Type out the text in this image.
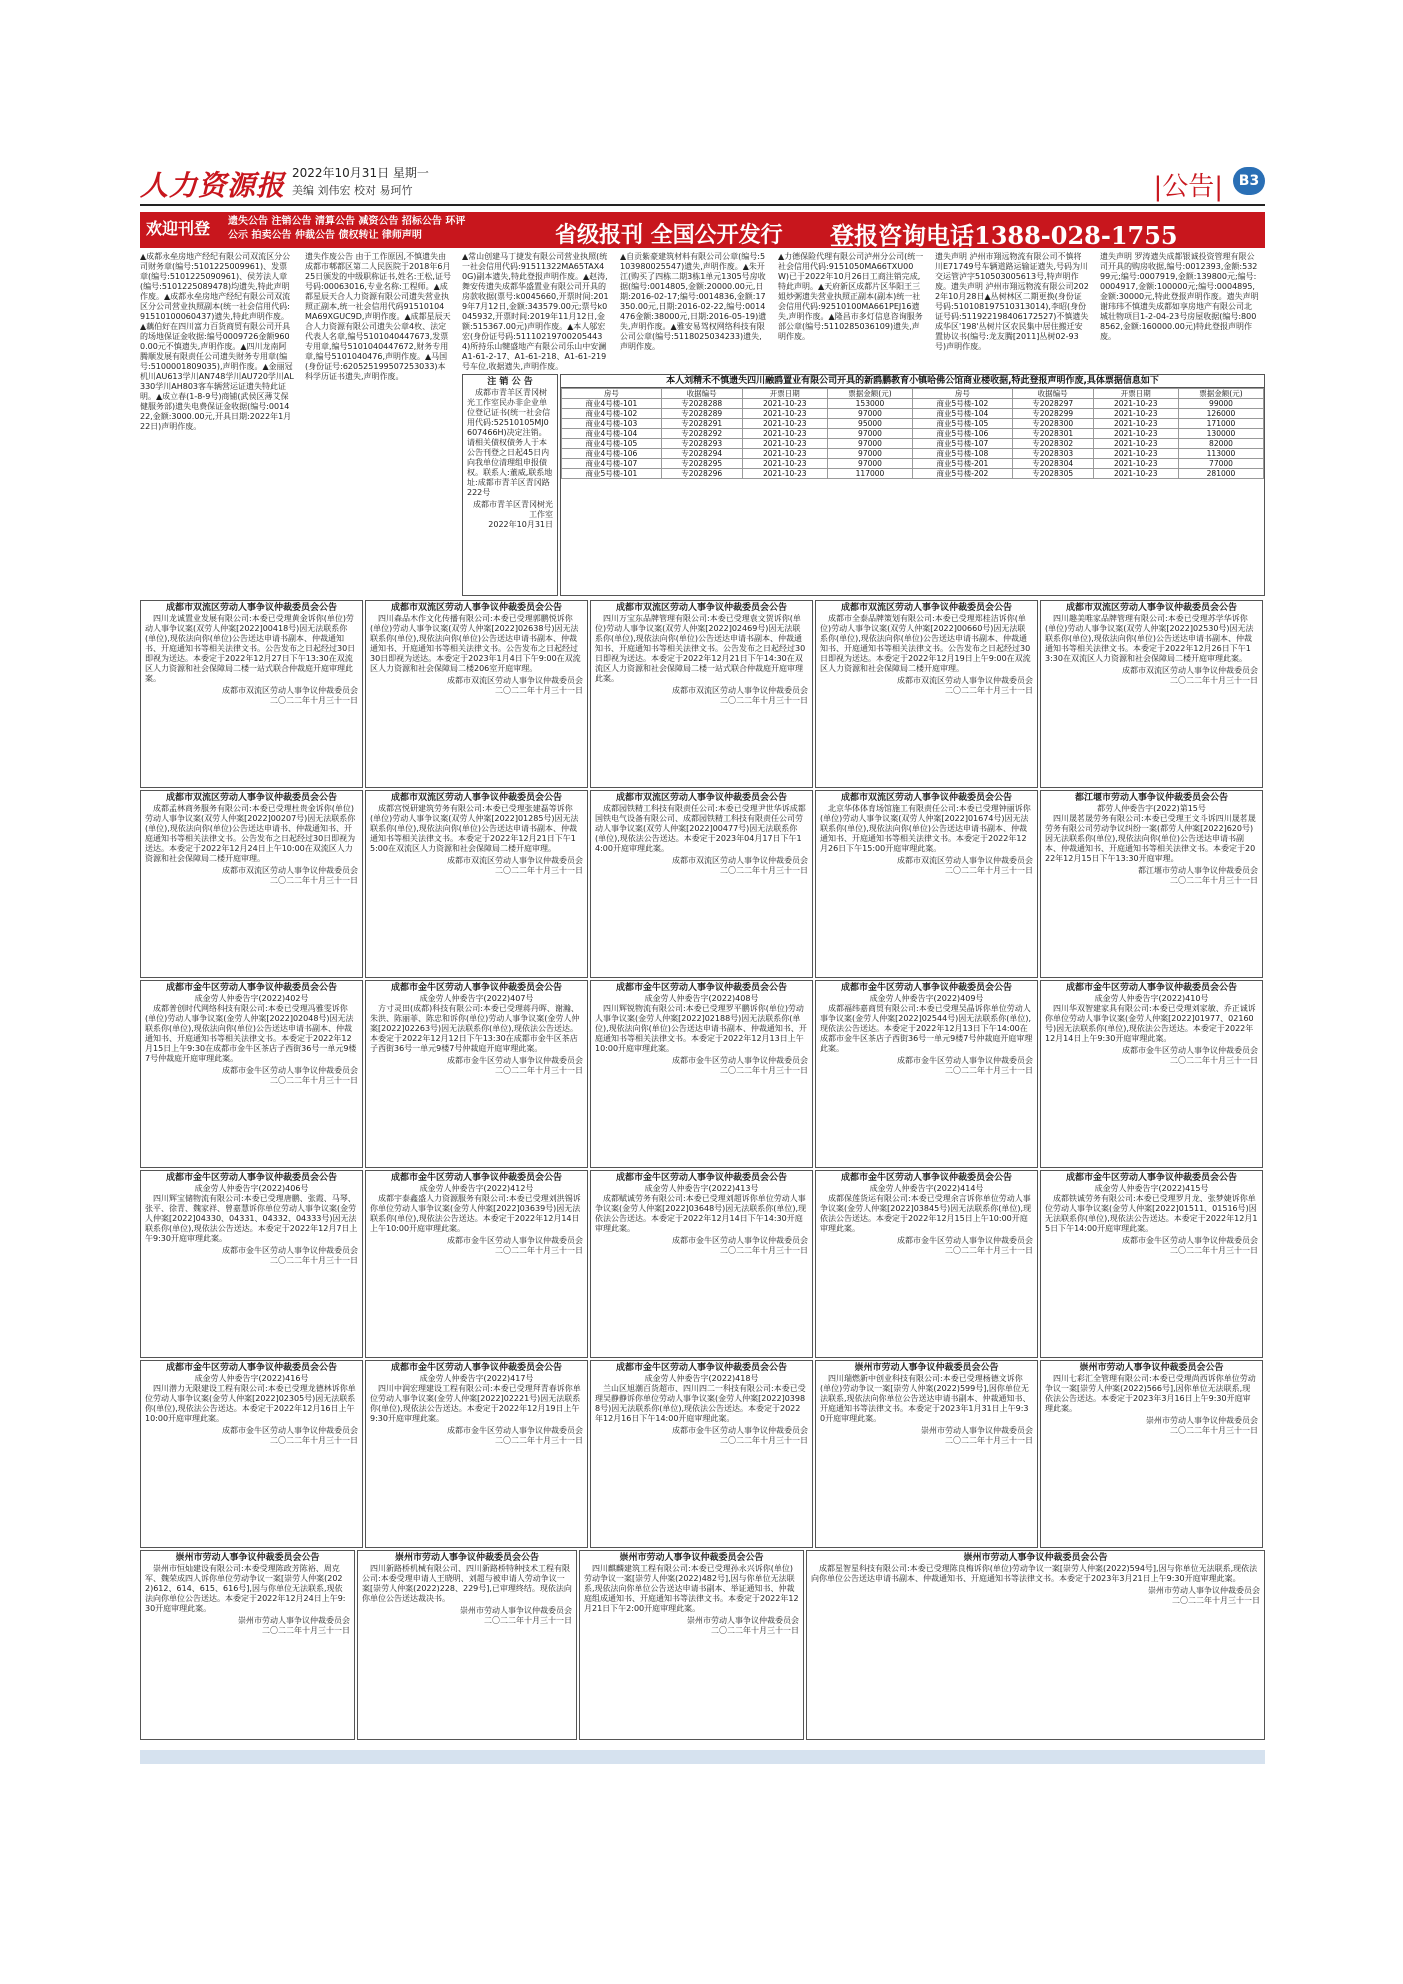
人力资源报 2022年10月31日 星期一
美编 刘伟宏 校对 易珂竹	|公告|	B3
欢迎刊登 遗失公告 注销公告 清算公告 减资公告 招标公告 环评公示 拍卖公告 仲裁公告 债权转让 律师声明	省级报刊 全国公开发行 登报咨询电话1388-028-1755
▲成都永垒房地产经纪有限公司双流区分公司财务章(编号:5101225009961)、发票章(编号:5101225090961)、侯芳法人章(编号:5101225089478)均遗失,特此声明作废。▲成都永垒房地产经纪有限公司双流区分公司营业执照副本(统一社会信用代码:91510100060437)遗失,特此声明作废。▲藕伯好在四川富力百货商贸有限公司开具的场地保证金收据:编号0009726金额9600.00元不慎遗失,声明作废。▲四川龙南阿腾顺发展有限责任公司遗失财务专用章(编号:5100001809035),声明作废。▲金丽冠机川AU613学川AN748学川AU720学川AL330学川AH803客车辆营运证遗失特此证明。▲成立春(1-8-9号)商铺(武侯区薄艾保健服务部)遗失电费保证金收据(编号:001422,金额:3000.00元,开具日期:2022年1月22日)声明作废。
遗失作废公告 由于工作原因,不慎遗失由成都市郫都区第二人民医院于2018年6月25日颁发的中级职称证书,姓名:王松,证号号码:00063016,专业名称:工程师。▲成都星辰天合人力资源有限公司遗失营业执照正副本,统一社会信用代码91510104MA69XGUC9D,声明作废。▲成都星辰天合人力资源有限公司遗失公章4枚、法定代表人名章,编号5101040447673,发票专用章,编号5101040447672,财务专用章,编号5101040476,声明作废。▲马国(身份证号:620525199507253033)本科学历证书遗失,声明作废。
▲常山创建马丁捷发有限公司营业执照(统一社会信用代码:91511322MA65TAX40G)副本遗失,特此登报声明作废。▲赵涛,舞安传遗失成都华盛置业有限公司开具的房款收据(票号:k0045660,开票时间:2019年7月12日,金额:343579.00元;票号k0045932,开票时间:2019年11月12日,金额:515367.00元)声明作废。▲本人邬宏宏(身份证号码:511102197002054434)所持乐山犍盛地产有限公司乐山中安澜A1-61-2-17、A1-61-218、A1-61-219号车位,收据遗失,声明作废。
▲自贡紫豪建筑材料有限公司公章(编号:5103980025547)遗失,声明作废。▲朱开江(购买了四栋二期3栋1单元1305号房收据(编号:0014805,金额:20000.00元,日期:2016-02-17;编号:0014836,金额:17350.00元,日期:2016-02-22,编号:0014476金额:38000元,日期:2016-05-19)遗失,声明作废。▲雅安易驾权网络科技有限公司公章(编号:5118025034233)遗失,声明作废。
▲力德保险代理有限公司泸州分公司(统一社会信用代码:9151050MA66TXU00W)已于2022年10月26日工商注销完成,特此声明。▲天府新区成都片区华阳王三姐炒粥遗失营业执照正副本(副本)统一社会信用代码:92510100MA661PEJ16遗失,声明作废。▲隆昌市多灯信息咨询服务部公章(编号:5110285036109)遗失,声明作废。
遗失声明 泸州市翔远物流有限公司不慎将川E71749号车辆道路运输证遗失,号码为川交运管泸字510503005613号,特声明作废。遗失声明 泸州市翔远物流有限公司2022年10月28日▲丛树林区二期更换(身份证号码:510108197510313014),李昭(身份证号码:511922198406172527)不慎遗失成华区'198'丛树片区农民集中居住搬迁安置协议书(编号:龙友腾[2011]丛树02-93号)声明作废。
遗失声明 罗涛遗失成都银诚投资管理有限公司开具的购房收据,编号:0012393,金额:53299元;编号:0007919,金额:139800元;编号:0004917,金额:100000元;编号:0004895,金额:30000元,特此登报声明作废。遗失声明 谢玮玮不慎遗失成都如享房地产有限公司北城壮物项目1-2-04-23号房屋收据(编号:8008562,金额:160000.00元)特此登报声明作废。
注 销 公 告
成都市青羊区青冈树光工作室民办非企业单位登记证书(统一社会信用代码:52510105MJ0607466H)决定注销。请相关债权债务人于本公告刊登之日起45日内向我单位清理组申报债权。联系人:董威,联系地址:成都市青羊区青冈路222号
成都市青羊区青冈树光工作室
2022年10月31日
本人刘精禾不慎遗失四川融鸥置业有限公司开具的新鸥鹏教育小镇哈佛公馆商业楼收据,特此登报声明作废,具体票据信息如下
房号	收据编号	开票日期	票据金额(元)	房号	收据编号	开票日期	票据金额(元)
商业4号楼-101	专2028288	2021-10-23	153000	商业5号楼-102	专2028297	2021-10-23	99000
商业4号楼-102	专2028289	2021-10-23	97000	商业5号楼-104	专2028299	2021-10-23	126000
商业4号楼-103	专2028291	2021-10-23	95000	商业5号楼-105	专2028300	2021-10-23	171000
商业4号楼-104	专2028292	2021-10-23	97000	商业5号楼-106	专2028301	2021-10-23	130000
商业4号楼-105	专2028293	2021-10-23	97000	商业5号楼-107	专2028302	2021-10-23	82000
商业4号楼-106	专2028294	2021-10-23	97000	商业5号楼-108	专2028303	2021-10-23	113000
商业4号楼-107	专2028295	2021-10-23	97000	商业5号楼-201	专2028304	2021-10-23	77000
商业5号楼-101	专2028296	2021-10-23	117000	商业5号楼-202	专2028305	2021-10-23	281000
成都市双流区劳动人事争议仲裁委员会公告
四川龙诚置业发展有限公司:本委已受理黄金诉你(单位)劳动人事争议案(双劳人仲案[2022]00418号)因无法联系你(单位),现依法向你(单位)公告送达申请书副本、仲裁通知书、开庭通知书等相关法律文书。公告发布之日起经过30日即视为送达。本委定于2022年12月27日下午13:30在双流区人力资源和社会保障局二楼一站式联合仲裁庭开庭审理此案。
成都市双流区劳动人事争议仲裁委员会
二〇二二年十月三十一日
成都市双流区劳动人事争议仲裁委员会公告
四川森品木作文化传播有限公司:本委已受理郭鹏悦诉你(单位)劳动人事争议案(双劳人仲案[2022]02638号)因无法联系你(单位),现依法向你(单位)公告送达申请书副本、仲裁通知书、开庭通知书等相关法律文书。公告发布之日起经过30日即视为送达。本委定于2023年1月4日下午9:00在双流区人力资源和社会保障局二楼206室开庭审理。
成都市双流区劳动人事争议仲裁委员会
二〇二二年十月三十一日
成都市双流区劳动人事争议仲裁委员会公告
四川万宝东品牌管理有限公司:本委已受理袁文贺诉你(单位)劳动人事争议案(双劳人仲案[2022]02469号)因无法联系你(单位),现依法向你(单位)公告送达申请书副本、仲裁通知书、开庭通知书等相关法律文书。公告发布之日起经过30日即视为送达。本委定于2022年12月21日下午14:30在双流区人力资源和社会保障局二楼一站式联合仲裁庭开庭审理此案。
成都市双流区劳动人事争议仲裁委员会
二〇二二年十月三十一日
成都市双流区劳动人事争议仲裁委员会公告
成都市全泰品牌策划有限公司:本委已受理郑桂洁诉你(单位)劳动人事争议案(双劳人仲案[2022]00660号)因无法联系你(单位),现依法向你(单位)公告送达申请书副本、仲裁通知书、开庭通知书等相关法律文书。公告发布之日起经过30日即视为送达。本委定于2022年12月19日上午9:00在双流区人力资源和社会保障局二楼开庭审理。
成都市双流区劳动人事争议仲裁委员会
二〇二二年十月三十一日
成都市双流区劳动人事争议仲裁委员会公告
四川趣美唯家品牌管理有限公司:本委已受理苏学华诉你(单位)劳动人事争议案(双劳人仲案[2022]02530号)因无法联系你(单位),现依法向你(单位)公告送达申请书副本、仲裁通知书等相关法律文书。本委定于2022年12月26日下午13:30在双流区人力资源和社会保障局二楼开庭审理此案。
成都市双流区劳动人事争议仲裁委员会
二〇二二年十月三十一日
成都市双流区劳动人事争议仲裁委员会公告
成都孟林商务服务有限公司:本委已受理杜贵金诉你(单位)劳动人事争议案(双劳人仲案[2022]00207号)因无法联系你(单位),现依法向你(单位)公告送达申请书、仲裁通知书、开庭通知书等相关法律文书。公告发布之日起经过30日即视为送达。本委定于2022年12月24日上午10:00在双流区人力资源和社会保障局二楼开庭审理。
成都市双流区劳动人事争议仲裁委员会
二〇二二年十月三十一日
成都市双流区劳动人事争议仲裁委员会公告
成都宫悦研建筑劳务有限公司:本委已受理张建磊等诉你(单位)劳动人事争议案(双劳人仲案[2022]01285号)因无法联系你(单位),现依法向你(单位)公告送达申请书副本、仲裁通知书等相关法律文书。本委定于2022年12月21日下午15:00在双流区人力资源和社会保障局二楼开庭审理。
成都市双流区劳动人事争议仲裁委员会
二〇二二年十月三十一日
成都市双流区劳动人事争议仲裁委员会公告
成都园铁精工科技有限责任公司:本委已受理尹世华诉成都国铁电气设备有限公司、成都园铁精工科技有限责任公司劳动人事争议案(双劳人仲案[2022]00477号)因无法联系你(单位),现依法公告送达。本委定于2023年04月17日下午14:00开庭审理此案。
成都市双流区劳动人事争议仲裁委员会
二〇二二年十月三十一日
成都市双流区劳动人事争议仲裁委员会公告
北京华体体育场馆施工有限责任公司:本委已受理钟丽诉你(单位)劳动人事争议案(双劳人仲案[2022]01674号)因无法联系你(单位),现依法向你(单位)公告送达申请书副本、仲裁通知书、开庭通知书等相关法律文书。本委定于2022年12月26日下午15:00开庭审理此案。
成都市双流区劳动人事争议仲裁委员会
二〇二二年十月三十一日
都江堰市劳动人事争议仲裁委员会公告
都劳人仲委告字(2022)第15号
四川晟茗晟劳务有限公司:本委已受理王文斗诉四川晟茗晟劳务有限公司劳动争议纠纷一案(都劳人仲案[2022]620号)因无法联系你(单位),现依法向你(单位)公告送达申请书副本、仲裁通知书、开庭通知书等相关法律文书。本委定于2022年12月15日下午13:30开庭审理。
都江堰市劳动人事争议仲裁委员会
二〇二二年十月三十一日
成都市金牛区劳动人事争议仲裁委员会公告
成金劳人仲委告字(2022)402号
成都普创时代网络科技有限公司:本委已受理冯雅雯诉你(单位)劳动人事争议案(金劳人仲案[2022]02048号)因无法联系你(单位),现依法向你(单位)公告送达申请书副本、仲裁通知书、开庭通知书等相关法律文书。本委定于2022年12月15日上午9:30在成都市金牛区茶店子西街36号一单元9楼7号仲裁庭开庭审理此案。
成都市金牛区劳动人事争议仲裁委员会
二〇二二年十月三十一日
成都市金牛区劳动人事争议仲裁委员会公告
成金劳人仲委告字(2022)407号
方寸灵田(成都)科技有限公司:本委已受理蒋丹晖、谢瀚、朱洪、陈丽菲、陈忠和诉你(单位)劳动人事争议案(金劳人仲案[2022]02263号)因无法联系你(单位),现依法公告送达。本委定于2022年12月12日下午13:30在成都市金牛区茶店子西街36号一单元9楼7号仲裁庭开庭审理此案。
成都市金牛区劳动人事争议仲裁委员会
二〇二二年十月三十一日
成都市金牛区劳动人事争议仲裁委员会公告
成金劳人仲委告字(2022)408号
四川辉锐物流有限公司:本委已受理罗平鹏诉你(单位)劳动人事争议案(金劳人仲案[2022]02188号)因无法联系你(单位),现依法向你(单位)公告送达申请书副本、仲裁通知书、开庭通知书等相关法律文书。本委定于2022年12月13日上午10:00开庭审理此案。
成都市金牛区劳动人事争议仲裁委员会
二〇二二年十月三十一日
成都市金牛区劳动人事争议仲裁委员会公告
成金劳人仲委告字(2022)409号
成都福纬嘉商贸有限公司:本委已受理吴晶诉你单位劳动人事争议案(金劳人仲案[2022]02544号)因无法联系你(单位),现依法公告送达。本委定于2022年12月13日下午14:00在成都市金牛区茶店子西街36号一单元9楼7号仲裁庭开庭审理此案。
成都市金牛区劳动人事争议仲裁委员会
二〇二二年十月三十一日
成都市金牛区劳动人事争议仲裁委员会公告
成金劳人仲委告字(2022)410号
四川华双智建家具有限公司:本委已受理刘家敏、乔正诚诉你单位劳动人事争议案(金劳人仲案[2022]01977、02160号)因无法联系你(单位),现依法公告送达。本委定于2022年12月14日上午9:30开庭审理此案。
成都市金牛区劳动人事争议仲裁委员会
二〇二二年十月三十一日
成都市金牛区劳动人事争议仲裁委员会公告
成金劳人仲委告字(2022)406号
四川辉宝储物流有限公司:本委已受理唐鹏、张霞、马琴、张平、徐青、魏家祥、曾嘉慧诉你单位劳动人事争议案(金劳人仲案[2022]04330、04331、04332、04333号)因无法联系你(单位),现依法公告送达。本委定于2022年12月7日上午9:30开庭审理此案。
成都市金牛区劳动人事争议仲裁委员会
二〇二二年十月三十一日
成都市金牛区劳动人事争议仲裁委员会公告
成金劳人仲委告字(2022)412号
成都宇泰鑫盛人力资源服务有限公司:本委已受理刘洪锡诉你单位劳动人事争议案(金劳人仲案[2022]03639号)因无法联系你(单位),现依法公告送达。本委定于2022年12月14日上午10:00开庭审理此案。
成都市金牛区劳动人事争议仲裁委员会
二〇二二年十月三十一日
成都市金牛区劳动人事争议仲裁委员会公告
成金劳人仲委告字(2022)413号
成都赋诚劳务有限公司:本委已受理刘超诉你单位劳动人事争议案(金劳人仲案[2022]03648号)因无法联系你(单位),现依法公告送达。本委定于2022年12月14日下午14:30开庭审理此案。
成都市金牛区劳动人事争议仲裁委员会
二〇二二年十月三十一日
成都市金牛区劳动人事争议仲裁委员会公告
成金劳人仲委告字(2022)414号
成都保莲货运有限公司:本委已受理余言诉你单位劳动人事争议案(金劳人仲案[2022]03845号)因无法联系你(单位),现依法公告送达。本委定于2022年12月15日上午10:00开庭审理此案。
成都市金牛区劳动人事争议仲裁委员会
二〇二二年十月三十一日
成都市金牛区劳动人事争议仲裁委员会公告
成金劳人仲委告字(2022)415号
成都铁诚劳务有限公司:本委已受理罗月龙、张梦婕诉你单位劳动人事争议案(金劳人仲案[2022]01511、01516号)因无法联系你(单位),现依法公告送达。本委定于2022年12月15日下午14:00开庭审理此案。
成都市金牛区劳动人事争议仲裁委员会
二〇二二年十月三十一日
成都市金牛区劳动人事争议仲裁委员会公告
成金劳人仲委告字(2022)416号
四川潜力无限建设工程有限公司:本委已受理龙德林诉你单位劳动人事争议案(金劳人仲案[2022]02305号)因无法联系你(单位),现依法公告送达。本委定于2022年12月16日上午10:00开庭审理此案。
成都市金牛区劳动人事争议仲裁委员会
二〇二二年十月三十一日
成都市金牛区劳动人事争议仲裁委员会公告
成金劳人仲委告字(2022)417号
四川中润宏理建设工程有限公司:本委已受理拜青春诉你单位劳动人事争议案(金劳人仲案[2022]02221号)因无法联系你(单位),现依法公告送达。本委定于2022年12月19日上午9:30开庭审理此案。
成都市金牛区劳动人事争议仲裁委员会
二〇二二年十月三十一日
成都市金牛区劳动人事争议仲裁委员会公告
成金劳人仲委告字(2022)418号
兰山区旭潮百货超市、四川四二一科技有限公司:本委已受理吴静静诉你单位劳动人事争议案(金劳人仲案[2022]03988号)因无法联系你(单位),现依法公告送达。本委定于2022年12月16日下午14:00开庭审理此案。
成都市金牛区劳动人事争议仲裁委员会
二〇二二年十月三十一日
崇州市劳动人事争议仲裁委员会公告
四川瑞燃新中创业科技有限公司:本委已受理杨德文诉你(单位)劳动争议一案[崇劳人仲案(2022)599号],因你单位无法联系,现依法向你单位公告送达申请书副本、仲裁通知书、开庭通知书等法律文书。本委定于2023年1月31日上午9:30开庭审理此案。
崇州市劳动人事争议仲裁委员会
二〇二二年十月三十一日
崇州市劳动人事争议仲裁委员会公告
四川七彩汇全管理有限公司:本委已受理尚西诉你单位劳动争议一案[崇劳人仲案(2022)566号],因你单位无法联系,现依法公告送达。本委定于2023年3月16日上午9:30开庭审理此案。
崇州市劳动人事争议仲裁委员会
二〇二二年十月三十一日
崇州市劳动人事争议仲裁委员会公告
崇州市恒灿建设有限公司:本委受理陈政芳陈裕、周克军、魏荣成四人诉你单位劳动争议一案[崇劳人仲案(2022)612、614、615、616号],因与你单位无法联系,现依法向你单位公告送达。本委定于2022年12月24日上午9:30开庭审理此案。
崇州市劳动人事争议仲裁委员会
二〇二二年十月三十一日
崇州市劳动人事争议仲裁委员会公告
四川新路桥机械有限公司、四川新路桥特种技术工程有限公司:本委受理申请人王晓明、刘超与被申请人劳动争议一案[崇劳人仲案(2022)228、229号],已审理终结。现依法向你单位公告送达裁决书。
崇州市劳动人事争议仲裁委员会
二〇二二年十月三十一日
崇州市劳动人事争议仲裁委员会公告
四川麒麟建筑工程有限公司:本委已受理孙永兴诉你(单位)劳动争议一案[崇劳人仲案(2022)482号],因与你单位无法联系,现依法向你单位公告送达申请书副本、举证通知书、仲裁庭组成通知书、开庭通知书等法律文书。本委定于2022年12月21日下午2:00开庭审理此案。
崇州市劳动人事争议仲裁委员会
二〇二二年十月三十一日
崇州市劳动人事争议仲裁委员会公告
成都星智星科技有限公司:本委已受理陈良梅诉你(单位)劳动争议一案[崇劳人仲案(2022)594号],因与你单位无法联系,现依法向你单位公告送达申请书副本、仲裁通知书、开庭通知书等法律文书。本委定于2023年3月21日上午9:30开庭审理此案。
崇州市劳动人事争议仲裁委员会
二〇二二年十月三十一日
